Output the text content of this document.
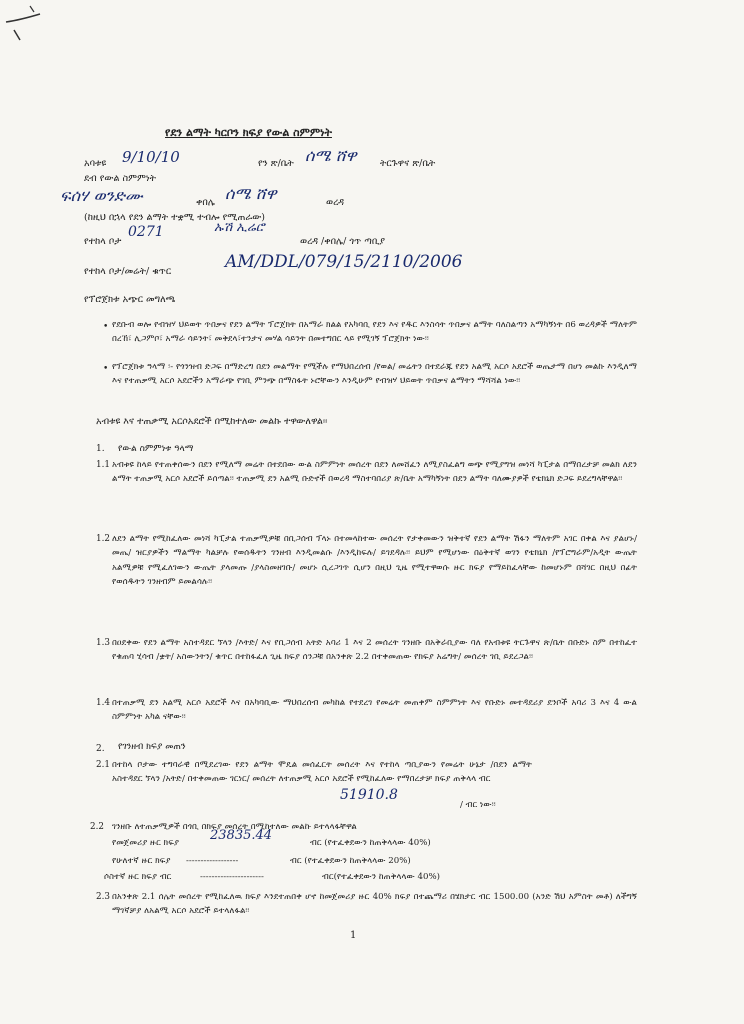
የደን ልማት ካርቦን ክፍያ የውል ስምምነት
አባቱዩ 9/10/10	የን ጽ/ቤት ሰሜ ሸዋ ትርጉዋና ጽ/ቤት
ደብ የውል ስምምነት
ፍሰሃ ወንድሙ	ቀበሌ ሰሜ ሸዋ	ወረዳ
(ከዚህ በኋላ የደን ልማት ተቋሚ ተብሎ የሚጠራው)
የተከላ ቦታ
0271	ኡሽ ኢሬሮ
ወረዳ /ቀበሌ/ ጎጥ ጣቢያ
የተከላ ቦታ/መሬት/ ቁጥር	AM/DDL/079/15/2110/2006
የፕሮጀክቱ አጭር መግለጫ
• የደቡብ ወሎ የብዝሃ ህይወት ጥበቃና የደን ልማት ፕሮጀክት በአማራ ክልል የአካባቢ የደን እና የዱር እንስሳት ጥበቃና ልማት ባለስልጣን አማካኝነት በ6 ወረዳዎች ማለትም በረኸ፣ ሊጋምቦ፣ አማራ ሳይንት፣ መቅደላ፣ተንታና መሃል ሳይንት በመተግበር ላይ የሚገኝ ፕሮጀክት ነው፡፡
• የፕሮጀክቱ ዓላማ ፡- የጎንዝብ ድጋፍ በማድረግ በደን መልማት የሚችሉ የማህበረሰብ /የወል/ መሬትን በተደራጁ የደን አልሚ አርሶ አደሮች ወጤታማ በሆነ መልኩ እንዲለማ እና የተጠቃሚ አርሶ አደሮችን አማራጭ የገቢ ምንጭ በማስፋት ኑሮቸውን እንዲሁም የብዝሃ ህይወት ጥበቃና ልማትን ማሻሻል ነው፡፡
አብቱዩ እና ተጠቃሚ አርሶአደሮች በሚከተለው መልኩ ተዋውለዋል፡፡
1. የውል ስምምነቱ ዓላማ
1.1 አብቱዩ ከላይ የተጠቀሰውን በደን የሚለማ መሬት በተደበው ውል ስምምነት መሰረት በደን ለመሸፈን ለሚያስፈልግ ወጭ የሚያግዝ መነሻ ካፒታል በማበረታቻ መልክ ለደን ልማት ተጠቃሚ አርሶ አደሮች ይሰጣል፡፡ ተጠቃሚ ደን አልሚ ቡድኖች በወረዳ ማስተባበሪያ ጽ/ቤት አማካኝነት በደን ልማት ባለሙያዎች የቴክኒክ ድጋፍ ይደረግላቸዋል፡፡
1.2 ለደን ልማት የሚከፈለው መነሻ ካፒታል ተጠቃሚዎቹ በቢጋሰብ ፕላኑ በተመላከተው መሰረት የታቀመውን ዝቅተኛ የደን ልማት ሽፋን ማለትም አገር በቀል እና ያልሆኑ/መጤ/ ዝርያዎችን ማልማት ካልቻሉ የወሰዱትን ገንዘብ እንዲመልሱ /እንዲከፍሉ/ ይገደዳሉ፡፡ ይህም የሚሆነው በዕቅተኛ ወገን የቴክኒክ /የፕሮግራም/አዲት ውጤት አልሚዎቹ የሚፈለገውን ውጤት ያላመጡ /ያላስመዘገቡ/ መሆኑ ሲረጋገጥ ሲሆን በዚህ ጊዜ የሚተዋወሱ ዙር ክፍያ የማይከፈላቸው ከመሆኑም በሻገር በዚህ በፊት የወሰዱትን ገንዘብም ይመልሳሉ፡፡
1.3 በዐደቀው የደን ልማት አስተዳደር ኘላን /እትድ/ እና የቢጋሰብ አትድ አባሪ 1 እና 2 መሰረት ገንዘቡ በአቅራቢያው ባለ የአብቱዩ ትርጉዋና ጽ/ቤት በቡድኑ ስም በተከፈተ የቁጠባ ሂሳብ /ቋት/ አስውንትን/ ቁጥር በተከፋፈለ ጊዜ ክፍያ ሰንጋቹ በአንቀጽ 2.2 በተቀመጠው የክፍያ አሬግት/ መሰረት ገቢ ይደረጋል፡፡
1.4 በተጠቃሚ ደን አልሚ አርሶ አደሮች እና በአካባቢው ማህበረሰብ መካከል የተደረገ የመሬት መጠቀም ስምምነት እና የቡድኑ መተዳደሪያ ደንቦች አባሪ 3 እና 4 ውል ስምምነት አካል ናቸው፡፡
2. የገንዘብ ክፍያ መጠን
2.1 በተከላ ቦታው ተግባራዊ በሚደረገው የደን ልማት ሞዴል መሰፈርት መሰረት እና የተከላ ጣቢያውን የመሬት ሁኔታ /በደን ልማት አስተዳደር ኘላን /አትድ/ በተቀመጠው ገርነር/ መሰረት ለተጠቃሚ አርሶ አደሮች የሚከፈለው የማበረታቻ ክፍያ ጠቅላላ ብር
51910.8
/ ብር ነው፡፡
2.2 ገንዘቡ ለተጠቃሚዎች በጎቢ በክፍያ መሰረት በሚከተለው መልኩ ይተላላፋቸዋል
የመጀመሪያ ዙር ክፍያ 23835.44	ብር (የተፈቀደውን ከጠቅላላው 40%)
የሁለተኛ ዙር ክፍያ ------------------	ብር (የተፈቀደውን ከጠቅላላው 20%)
ሶስተኛ ዙር ክፍያ ብር	----------------------	ብር(የተፈቀደውን ከጠቅላላው 40%)
2.3 በአንቀጽ 2.1 ሰሌት መሰረት የሚከፈለዉ ክፍያ እንደተጠበቀ ሆኖ ከመጀመሪያ ዙር 40% ክፍያ በተጨማሪ በሄክታር ብር 1500.00 (አንድ ሽህ አምስት መቶ) ለችግኝ ማገኛቻያ ለአልሚ አርሶ አደሮች ይተላለፋል፡፡
1
